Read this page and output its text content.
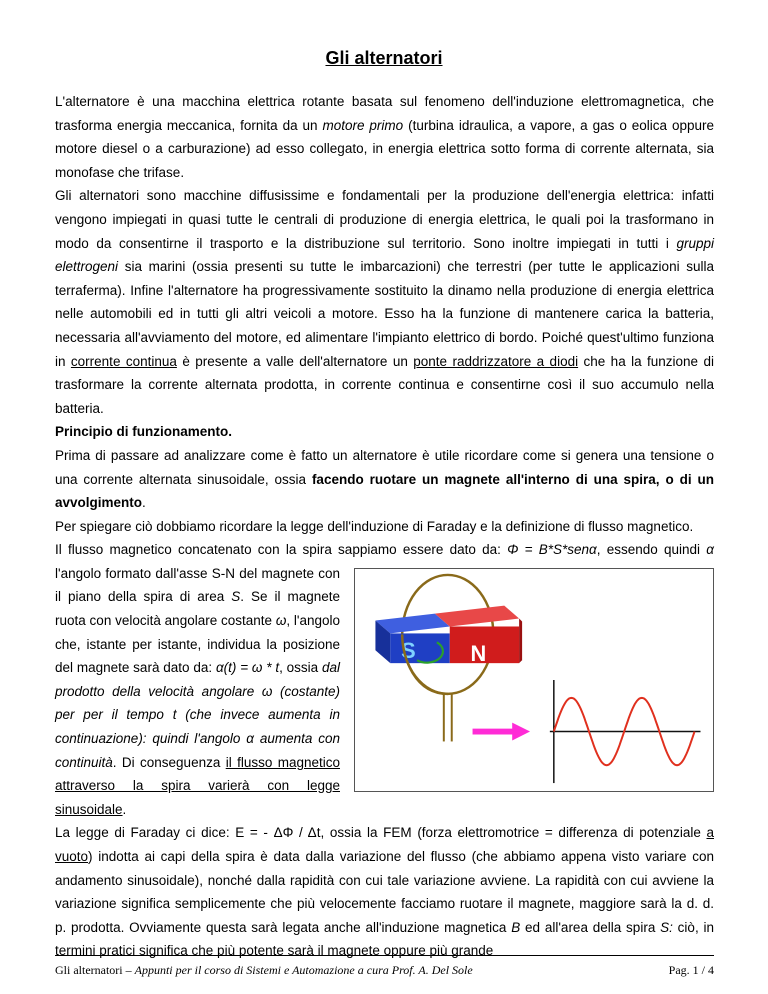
Gli alternatori

L'alternatore è una macchina elettrica rotante basata sul fenomeno dell'induzione elettromagnetica, che trasforma energia meccanica, fornita da un motore primo (turbina idraulica, a vapore, a gas o eolica oppure motore diesel o a carburazione) ad esso collegato, in energia elettrica sotto forma di corrente alternata, sia monofase che trifase.

Gli alternatori sono macchine diffusissime e fondamentali per la produzione dell'energia elettrica: infatti vengono impiegati in quasi tutte le centrali di produzione di energia elettrica, le quali poi la trasformano in modo da consentirne il trasporto e la distribuzione sul territorio. Sono inoltre impiegati in tutti i gruppi elettrogeni sia marini (ossia presenti su tutte le imbarcazioni) che terrestri (per tutte le applicazioni sulla terraferma). Infine l'alternatore ha progressivamente sostituito la dinamo nella produzione di energia elettrica nelle automobili ed in tutti gli altri veicoli a motore. Esso ha la funzione di mantenere carica la batteria, necessaria all'avviamento del motore, ed alimentare l'impianto elettrico di bordo. Poiché quest'ultimo funziona in corrente continua è presente a valle dell'alternatore un ponte raddrizzatore a diodi che ha la funzione di trasformare la corrente alternata prodotta, in corrente continua e consentirne così il suo accumulo nella batteria.

Principio di funzionamento.

Prima di passare ad analizzare come è fatto un alternatore è utile ricordare come si genera una tensione o una corrente alternata sinusoidale, ossia facendo ruotare un magnete all'interno di una spira, o di un avvolgimento.

Per spiegare ciò dobbiamo ricordare la legge dell'induzione di Faraday e la definizione di flusso magnetico.

Il flusso magnetico concatenato con la spira sappiamo essere dato da: Φ = B*S*senα, essendo quindi α
S N
l'angolo formato dall'asse S-N del magnete con il piano della spira di area S. Se il magnete ruota con velocità angolare costante ω, l'angolo che, istante per istante, individua la posizione del magnete sarà dato da: α(t) = ω * t, ossia dal prodotto della velocità angolare ω (costante) per per il tempo t (che invece aumenta in continuazione): quindi l'angolo α aumenta con continuità. Di conseguenza il flusso magnetico attraverso la spira varierà con legge sinusoidale.

La legge di Faraday ci dice: E = - ΔΦ / Δt, ossia la FEM (forza elettromotrice = differenza di potenziale a vuoto) indotta ai capi della spira è data dalla variazione del flusso (che abbiamo appena visto variare con andamento sinusoidale), nonché dalla rapidità con cui tale variazione avviene. La rapidità con cui avviene la variazione significa semplicemente che più velocemente facciamo ruotare il magnete, maggiore sarà la d. d. p. prodotta. Ovviamente questa sarà legata anche all'induzione magnetica B ed all'area della spira S: ciò, in termini pratici significa che più potente sarà il magnete oppure più grande

Gli alternatori – Appunti per il corso di Sistemi e Automazione a cura Prof. A. Del Sole	Pag. 1 / 4
